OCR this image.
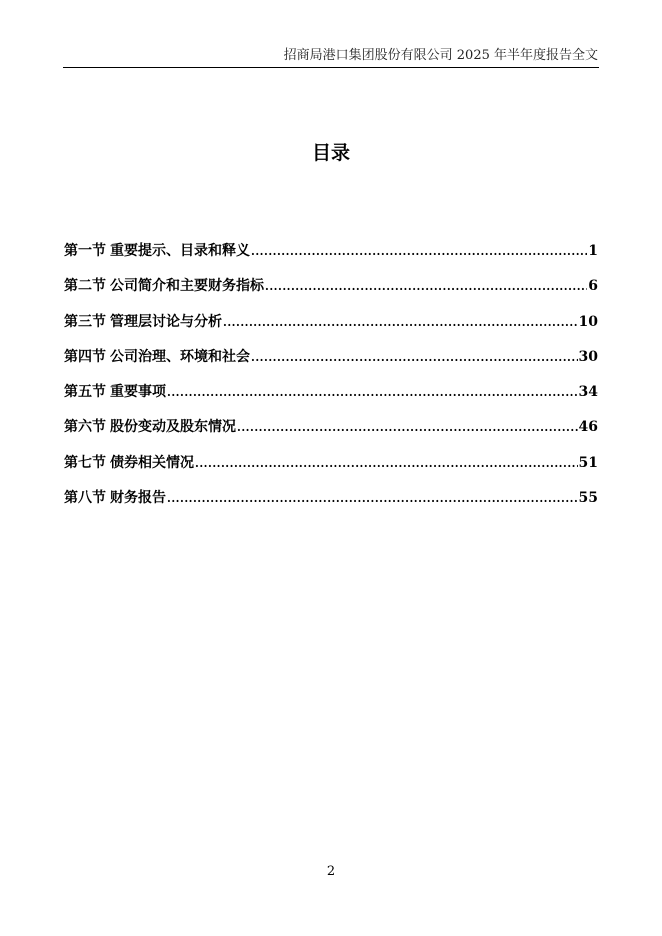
招商局港口集团股份有限公司 2025 年半年度报告全文
目录
第一节 重要提示、目录和释义 .....	1
第二节 公司简介和主要财务指标 .....	6
第三节 管理层讨论与分析 .....	10
第四节 公司治理、环境和社会 .....	30
第五节 重要事项 .....	34
第六节 股份变动及股东情况 .....	46
第七节 债券相关情况 .....	51
第八节 财务报告 .....	55
2
